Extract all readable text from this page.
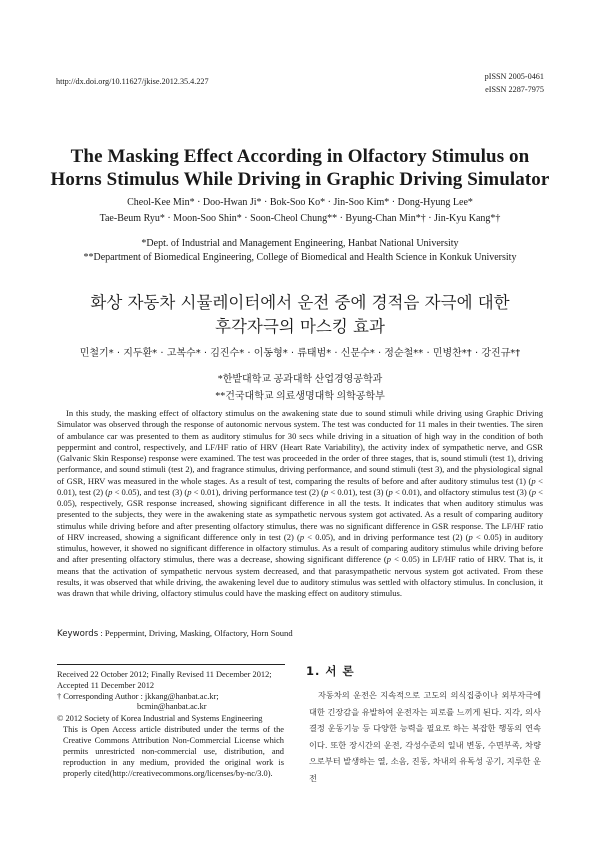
http://dx.doi.org/10.11627/jkise.2012.35.4.227
pISSN 2005-0461
eISSN 2287-7975
The Masking Effect According in Olfactory Stimulus on
Horns Stimulus While Driving in Graphic Driving Simulator
Cheol-Kee Min* · Doo-Hwan Ji* · Bok-Soo Ko* · Jin-Soo Kim* · Dong-Hyung Lee*
Tae-Beum Ryu* · Moon-Soo Shin* · Soon-Cheol Chung** · Byung-Chan Min*† · Jin-Kyu Kang*†
*Dept. of Industrial and Management Engineering, Hanbat National University
**Department of Biomedical Engineering, College of Biomedical and Health Science in Konkuk University
화상 자동차 시뮬레이터에서 운전 중에 경적음 자극에 대한
후각자극의 마스킹 효과
민철기* · 지두환* · 고복수* · 김진수* · 이동형* · 류태범* · 신문수* · 정순철** · 민병찬*† · 강진규*†
*한밭대학교 공과대학 산업경영공학과
**건국대학교 의료생명대학 의학공학부

In this study, the masking effect of olfactory stimulus on the awakening state due to sound stimuli while driving using Graphic Driving Simulator was observed through the response of autonomic nervous system. The test was conducted for 11 males in their twenties. The siren of ambulance car was presented to them as auditory stimulus for 30 secs while driving in a situation of high way in the condition of both peppermint and control, respectively, and LF/HF ratio of HRV (Heart Rate Variability), the activity index of sympathetic nerve, and GSR (Galvanic Skin Response) response were examined. The test was proceeded in the order of three stages, that is, sound stimuli (test 1), driving performance, and sound stimuli (test 2), and fragrance stimulus, driving performance, and sound stimuli (test 3), and the physiological signal of GSR, HRV was measured in the whole stages. As a result of test, comparing the results of before and after auditory stimulus test (1) (p < 0.01), test (2) (p < 0.05), and test (3) (p < 0.01), driving performance test (2) (p < 0.01), test (3) (p < 0.01), and olfactory stimulus test (3) (p < 0.05), respectively, GSR response increased, showing significant difference in all the tests. It indicates that when auditory stimulus was presented to the subjects, they were in the awakening state as sympathetic nervous system got activated. As a result of comparing auditory stimulus while driving before and after presenting olfactory stimulus, there was no significant difference in GSR response. The LF/HF ratio of HRV increased, showing a significant difference only in test (2) (p < 0.05), and in driving performance test (2) (p < 0.05) in auditory stimulus, however, it showed no significant difference in olfactory stimulus. As a result of comparing auditory stimulus while driving before and after presenting olfactory stimulus, there was a decrease, showing significant difference (p < 0.05) in LF/HF ratio of HRV. That is, it means that the activation of sympathetic nervous system decreased, and that parasympathetic nervous system got activated. From these results, it was observed that while driving, the awakening level due to auditory stimulus was settled with olfactory stimulus. In conclusion, it was drawn that while driving, olfactory stimulus could have the masking effect on auditory stimulus.

Keywords : Peppermint, Driving, Masking, Olfactory, Horn Sound
Received 22 October 2012; Finally Revised 11 December 2012; Accepted 11 December 2012
† Corresponding Author : jkkang@hanbat.ac.kr;
bcmin@hanbat.ac.kr
© 2012 Society of Korea Industrial and Systems Engineering

This is Open Access article distributed under the terms of the Creative Commons Attribution Non-Commercial License which permits unrestricted non-commercial use, distribution, and reproduction in any medium, provided the original work is properly cited(http://creativecommons.org/licenses/by-nc/3.0).

1. 서 론

자동차의 운전은 지속적으로 고도의 의식집중이나 외부자극에 대한 긴장감을 유발하여 운전자는 피로를 느끼게 된다. 지각, 의사결정 운동기능 등 다양한 능력을 필요로 하는 복잡한 행동의 연속이다. 또한 장시간의 운전, 각성수준의 일내 변동, 수면부족, 차량으로부터 발생하는 열, 소음, 진동, 차내의 유독성 공기, 지루한 운전
